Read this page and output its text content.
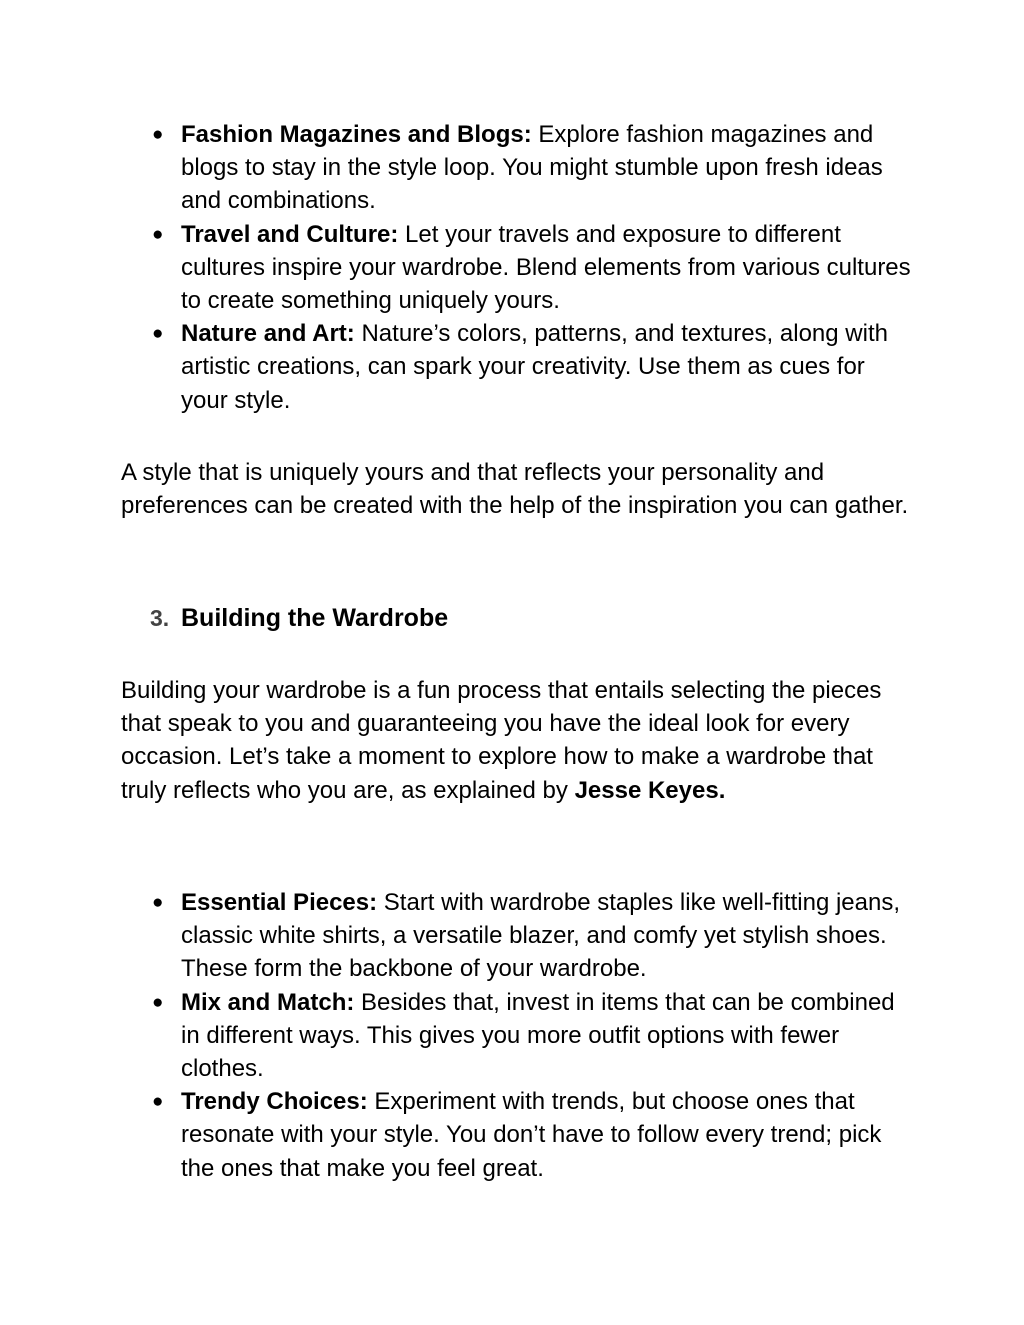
● Fashion Magazines and Blogs: Explore fashion magazines and blogs to stay in the style loop. You might stumble upon fresh ideas and combinations.
● Travel and Culture: Let your travels and exposure to different cultures inspire your wardrobe. Blend elements from various cultures to create something uniquely yours.
● Nature and Art: Nature’s colors, patterns, and textures, along with artistic creations, can spark your creativity. Use them as cues for your style.

A style that is uniquely yours and that reflects your personality and preferences can be created with the help of the inspiration you can gather.

3. Building the Wardrobe

Building your wardrobe is a fun process that entails selecting the pieces that speak to you and guaranteeing you have the ideal look for every occasion. Let’s take a moment to explore how to make a wardrobe that truly reflects who you are, as explained by Jesse Keyes.

● Essential Pieces: Start with wardrobe staples like well-fitting jeans, classic white shirts, a versatile blazer, and comfy yet stylish shoes. These form the backbone of your wardrobe.
● Mix and Match: Besides that, invest in items that can be combined in different ways. This gives you more outfit options with fewer clothes.
● Trendy Choices: Experiment with trends, but choose ones that resonate with your style. You don’t have to follow every trend; pick the ones that make you feel great.
